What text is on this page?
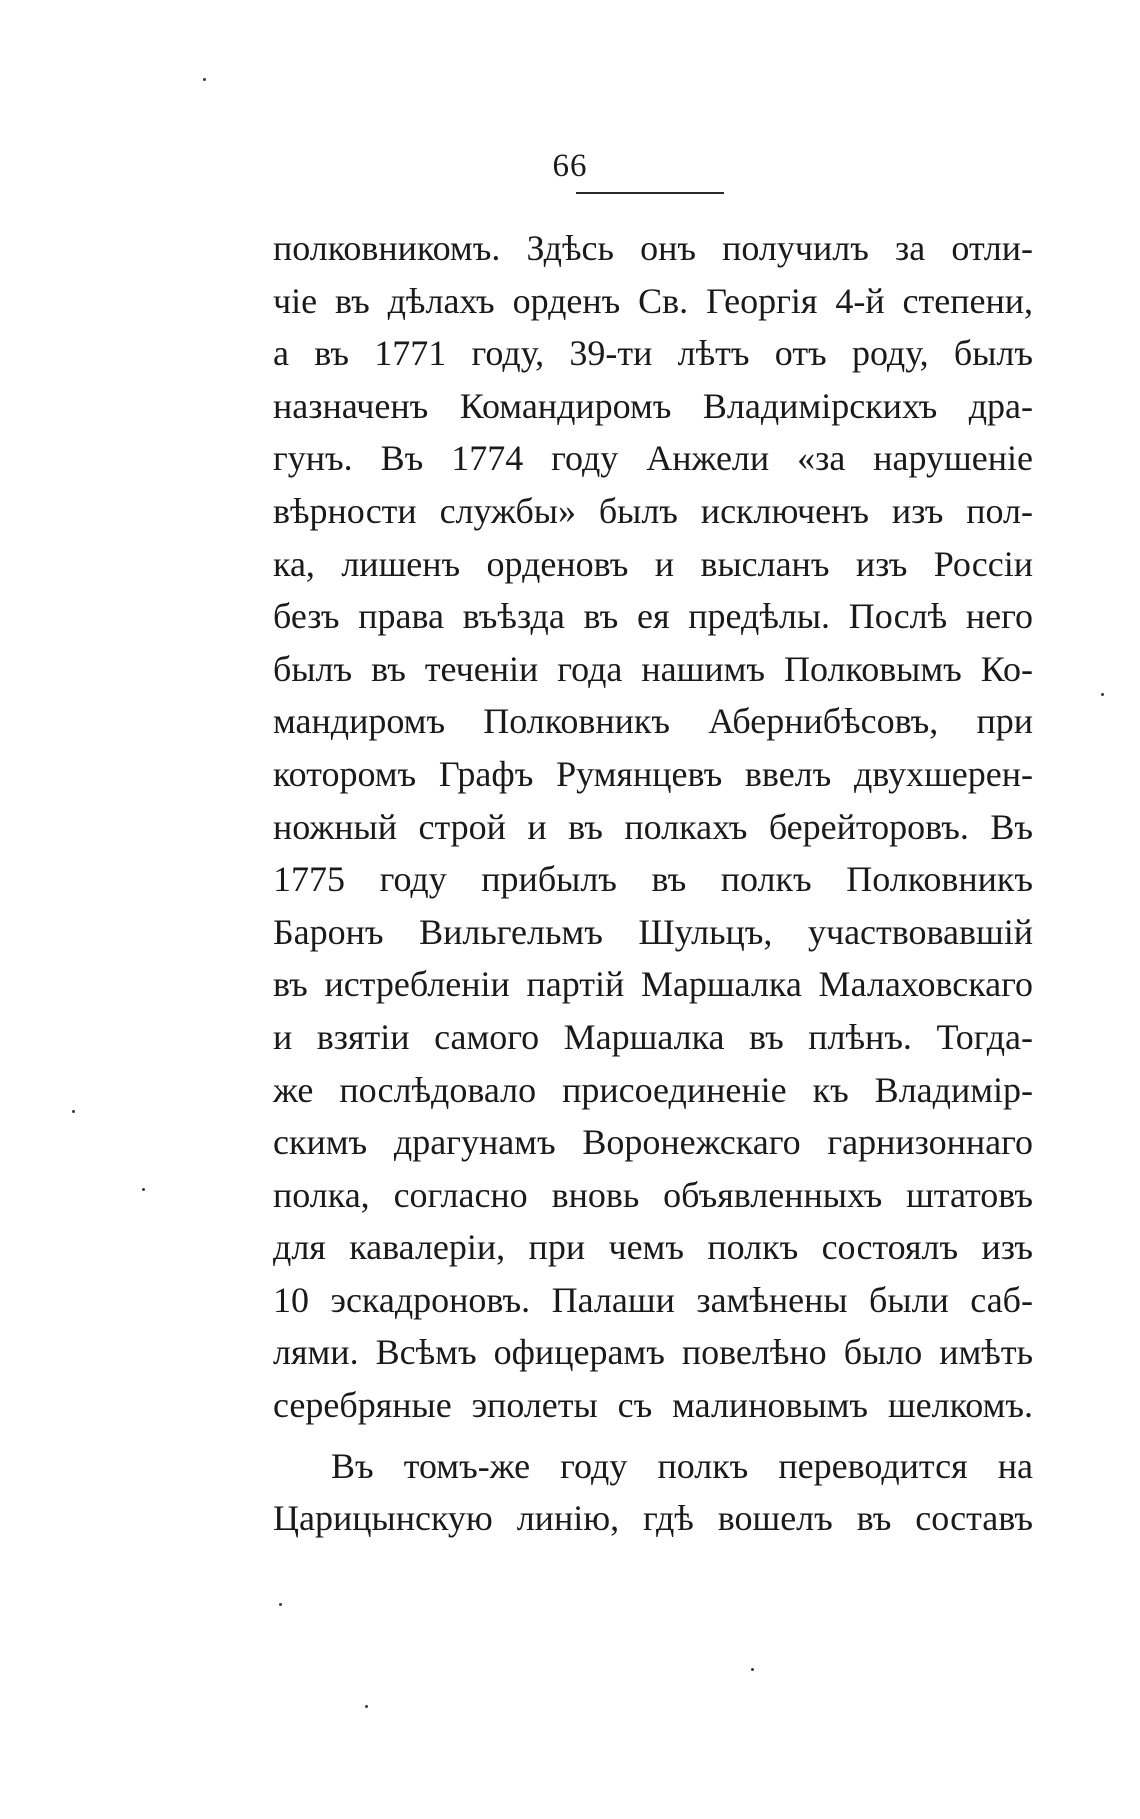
66
полковникомъ. Здѣсь онъ получилъ за отли-
чіе въ дѣлахъ орденъ Св. Георгія 4-й степени,
а въ 1771 году, 39-ти лѣтъ отъ роду, былъ
назначенъ Командиромъ Владимірскихъ дра-
гунъ. Въ 1774 году Анжели «за нарушеніе
вѣрности службы» былъ исключенъ изъ пол-
ка, лишенъ орденовъ и высланъ изъ Россіи
безъ права въѣзда въ ея предѣлы. Послѣ него
былъ въ теченіи года нашимъ Полковымъ Ко-
мандиромъ Полковникъ Абернибѣсовъ, при
которомъ Графъ Румянцевъ ввелъ двухшерен-
ножный строй и въ полкахъ берейторовъ. Въ
1775 году прибылъ въ полкъ Полковникъ
Баронъ Вильгельмъ Шульцъ, участвовавшій
въ истребленіи партій Маршалка Малаховскаго
и взятіи самого Маршалка въ плѣнъ. Тогда-
же послѣдовало присоединеніе къ Владимір-
скимъ драгунамъ Воронежскаго гарнизоннаго
полка, согласно вновь объявленныхъ штатовъ
для кавалеріи, при чемъ полкъ состоялъ изъ
10 эскадроновъ. Палаши замѣнены были саб-
лями. Всѣмъ офицерамъ повелѣно было имѣть
серебряные эполеты съ малиновымъ шелкомъ.
Въ томъ-же году полкъ переводится на
Царицынскую линію, гдѣ вошелъ въ составъ
